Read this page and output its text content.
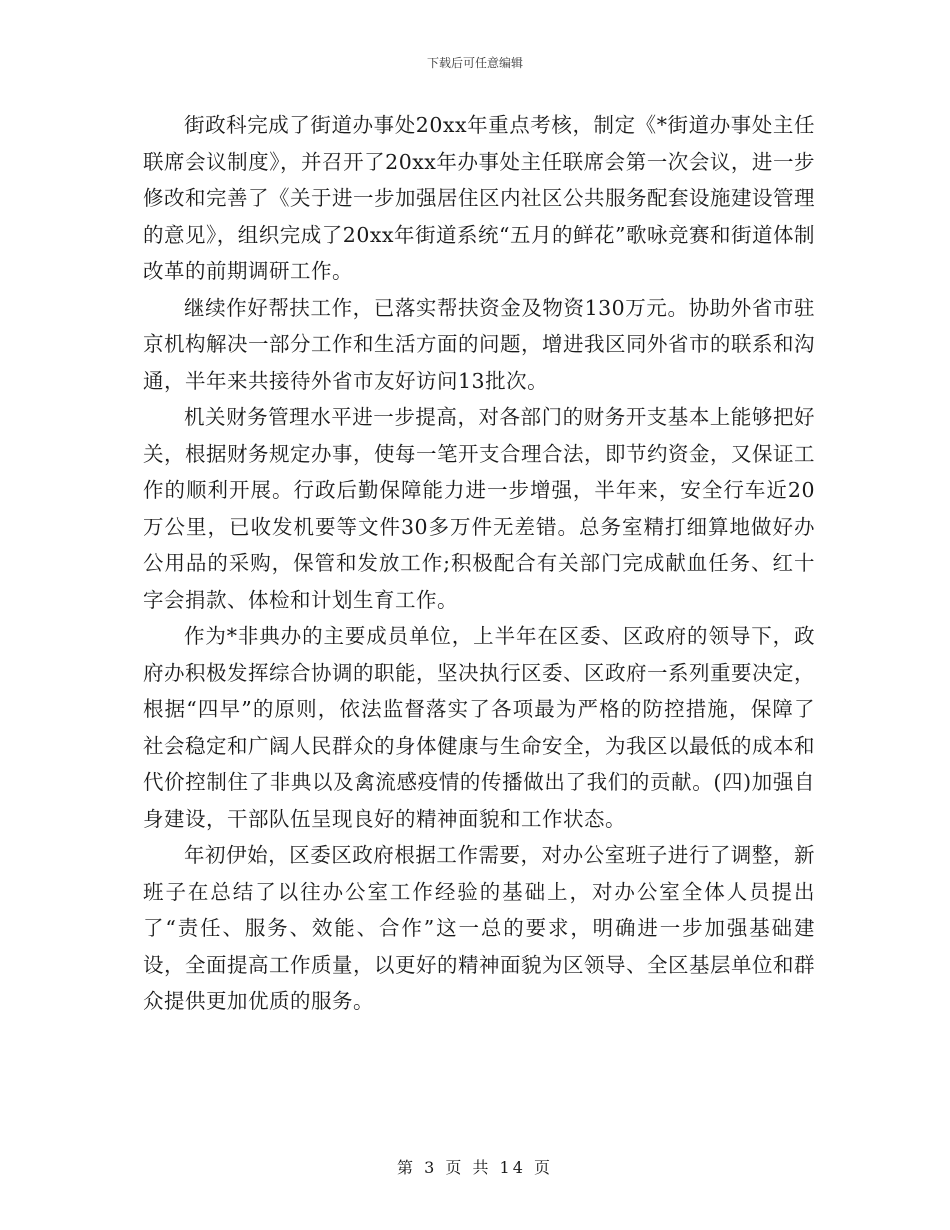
下载后可任意编辑

街政科完成了街道办事处20xx年重点考核，制定《*街道办事处主任联席会议制度》，并召开了20xx年办事处主任联席会第一次会议，进一步修改和完善了《关于进一步加强居住区内社区公共服务配套设施建设管理的意见》，组织完成了20xx年街道系统“五月的鲜花”歌咏竞赛和街道体制改革的前期调研工作。

继续作好帮扶工作，已落实帮扶资金及物资130万元。协助外省市驻京机构解决一部分工作和生活方面的问题，增进我区同外省市的联系和沟通，半年来共接待外省市友好访问13批次。

机关财务管理水平进一步提高，对各部门的财务开支基本上能够把好关，根据财务规定办事，使每一笔开支合理合法，即节约资金，又保证工作的顺利开展。行政后勤保障能力进一步增强，半年来，安全行车近20万公里，已收发机要等文件30多万件无差错。总务室精打细算地做好办公用品的采购，保管和发放工作;积极配合有关部门完成献血任务、红十字会捐款、体检和计划生育工作。

作为*非典办的主要成员单位，上半年在区委、区政府的领导下，政府办积极发挥综合协调的职能，坚决执行区委、区政府一系列重要决定，根据“四早”的原则，依法监督落实了各项最为严格的防控措施，保障了社会稳定和广阔人民群众的身体健康与生命安全，为我区以最低的成本和代价控制住了非典以及禽流感疫情的传播做出了我们的贡献。(四)加强自身建设，干部队伍呈现良好的精神面貌和工作状态。

年初伊始，区委区政府根据工作需要，对办公室班子进行了调整，新班子在总结了以往办公室工作经验的基础上，对办公室全体人员提出了“责任、服务、效能、合作”这一总的要求，明确进一步加强基础建设，全面提高工作质量，以更好的精神面貌为区领导、全区基层单位和群众提供更加优质的服务。

第 3 页 共 14 页
